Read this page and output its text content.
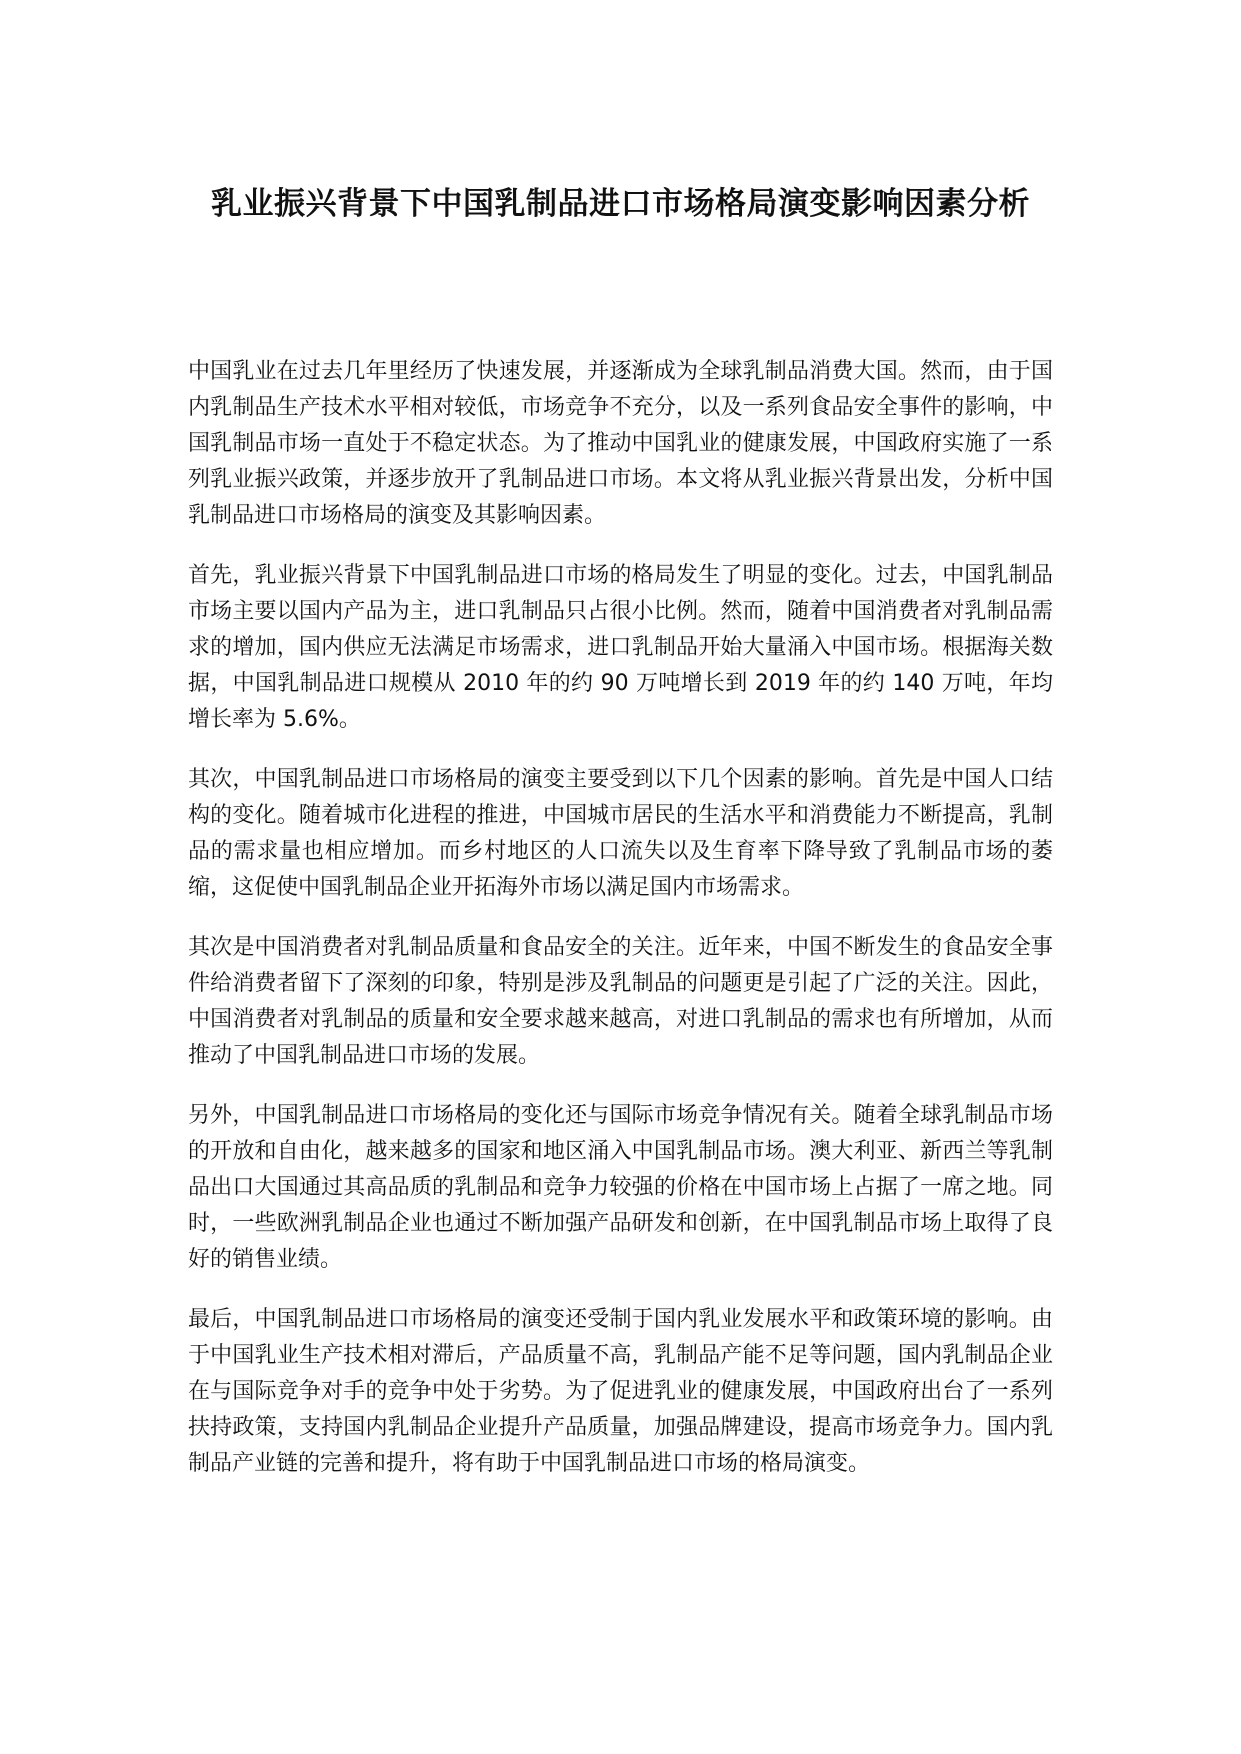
乳业振兴背景下中国乳制品进口市场格局演变影响因素分析

中国乳业在过去几年里经历了快速发展，并逐渐成为全球乳制品消费大国。然而，由于国内乳制品生产技术水平相对较低，市场竞争不充分，以及一系列食品安全事件的影响，中国乳制品市场一直处于不稳定状态。为了推动中国乳业的健康发展，中国政府实施了一系列乳业振兴政策，并逐步放开了乳制品进口市场。本文将从乳业振兴背景出发，分析中国乳制品进口市场格局的演变及其影响因素。

首先，乳业振兴背景下中国乳制品进口市场的格局发生了明显的变化。过去，中国乳制品市场主要以国内产品为主，进口乳制品只占很小比例。然而，随着中国消费者对乳制品需求的增加，国内供应无法满足市场需求，进口乳制品开始大量涌入中国市场。根据海关数据，中国乳制品进口规模从 2010 年的约 90 万吨增长到 2019 年的约 140 万吨，年均增长率为 5.6%。

其次，中国乳制品进口市场格局的演变主要受到以下几个因素的影响。首先是中国人口结构的变化。随着城市化进程的推进，中国城市居民的生活水平和消费能力不断提高，乳制品的需求量也相应增加。而乡村地区的人口流失以及生育率下降导致了乳制品市场的萎缩，这促使中国乳制品企业开拓海外市场以满足国内市场需求。

其次是中国消费者对乳制品质量和食品安全的关注。近年来，中国不断发生的食品安全事件给消费者留下了深刻的印象，特别是涉及乳制品的问题更是引起了广泛的关注。因此，中国消费者对乳制品的质量和安全要求越来越高，对进口乳制品的需求也有所增加，从而推动了中国乳制品进口市场的发展。

另外，中国乳制品进口市场格局的变化还与国际市场竞争情况有关。随着全球乳制品市场的开放和自由化，越来越多的国家和地区涌入中国乳制品市场。澳大利亚、新西兰等乳制品出口大国通过其高品质的乳制品和竞争力较强的价格在中国市场上占据了一席之地。同时，一些欧洲乳制品企业也通过不断加强产品研发和创新，在中国乳制品市场上取得了良好的销售业绩。

最后，中国乳制品进口市场格局的演变还受制于国内乳业发展水平和政策环境的影响。由于中国乳业生产技术相对滞后，产品质量不高，乳制品产能不足等问题，国内乳制品企业在与国际竞争对手的竞争中处于劣势。为了促进乳业的健康发展，中国政府出台了一系列扶持政策，支持国内乳制品企业提升产品质量，加强品牌建设，提高市场竞争力。国内乳制品产业链的完善和提升，将有助于中国乳制品进口市场的格局演变。
